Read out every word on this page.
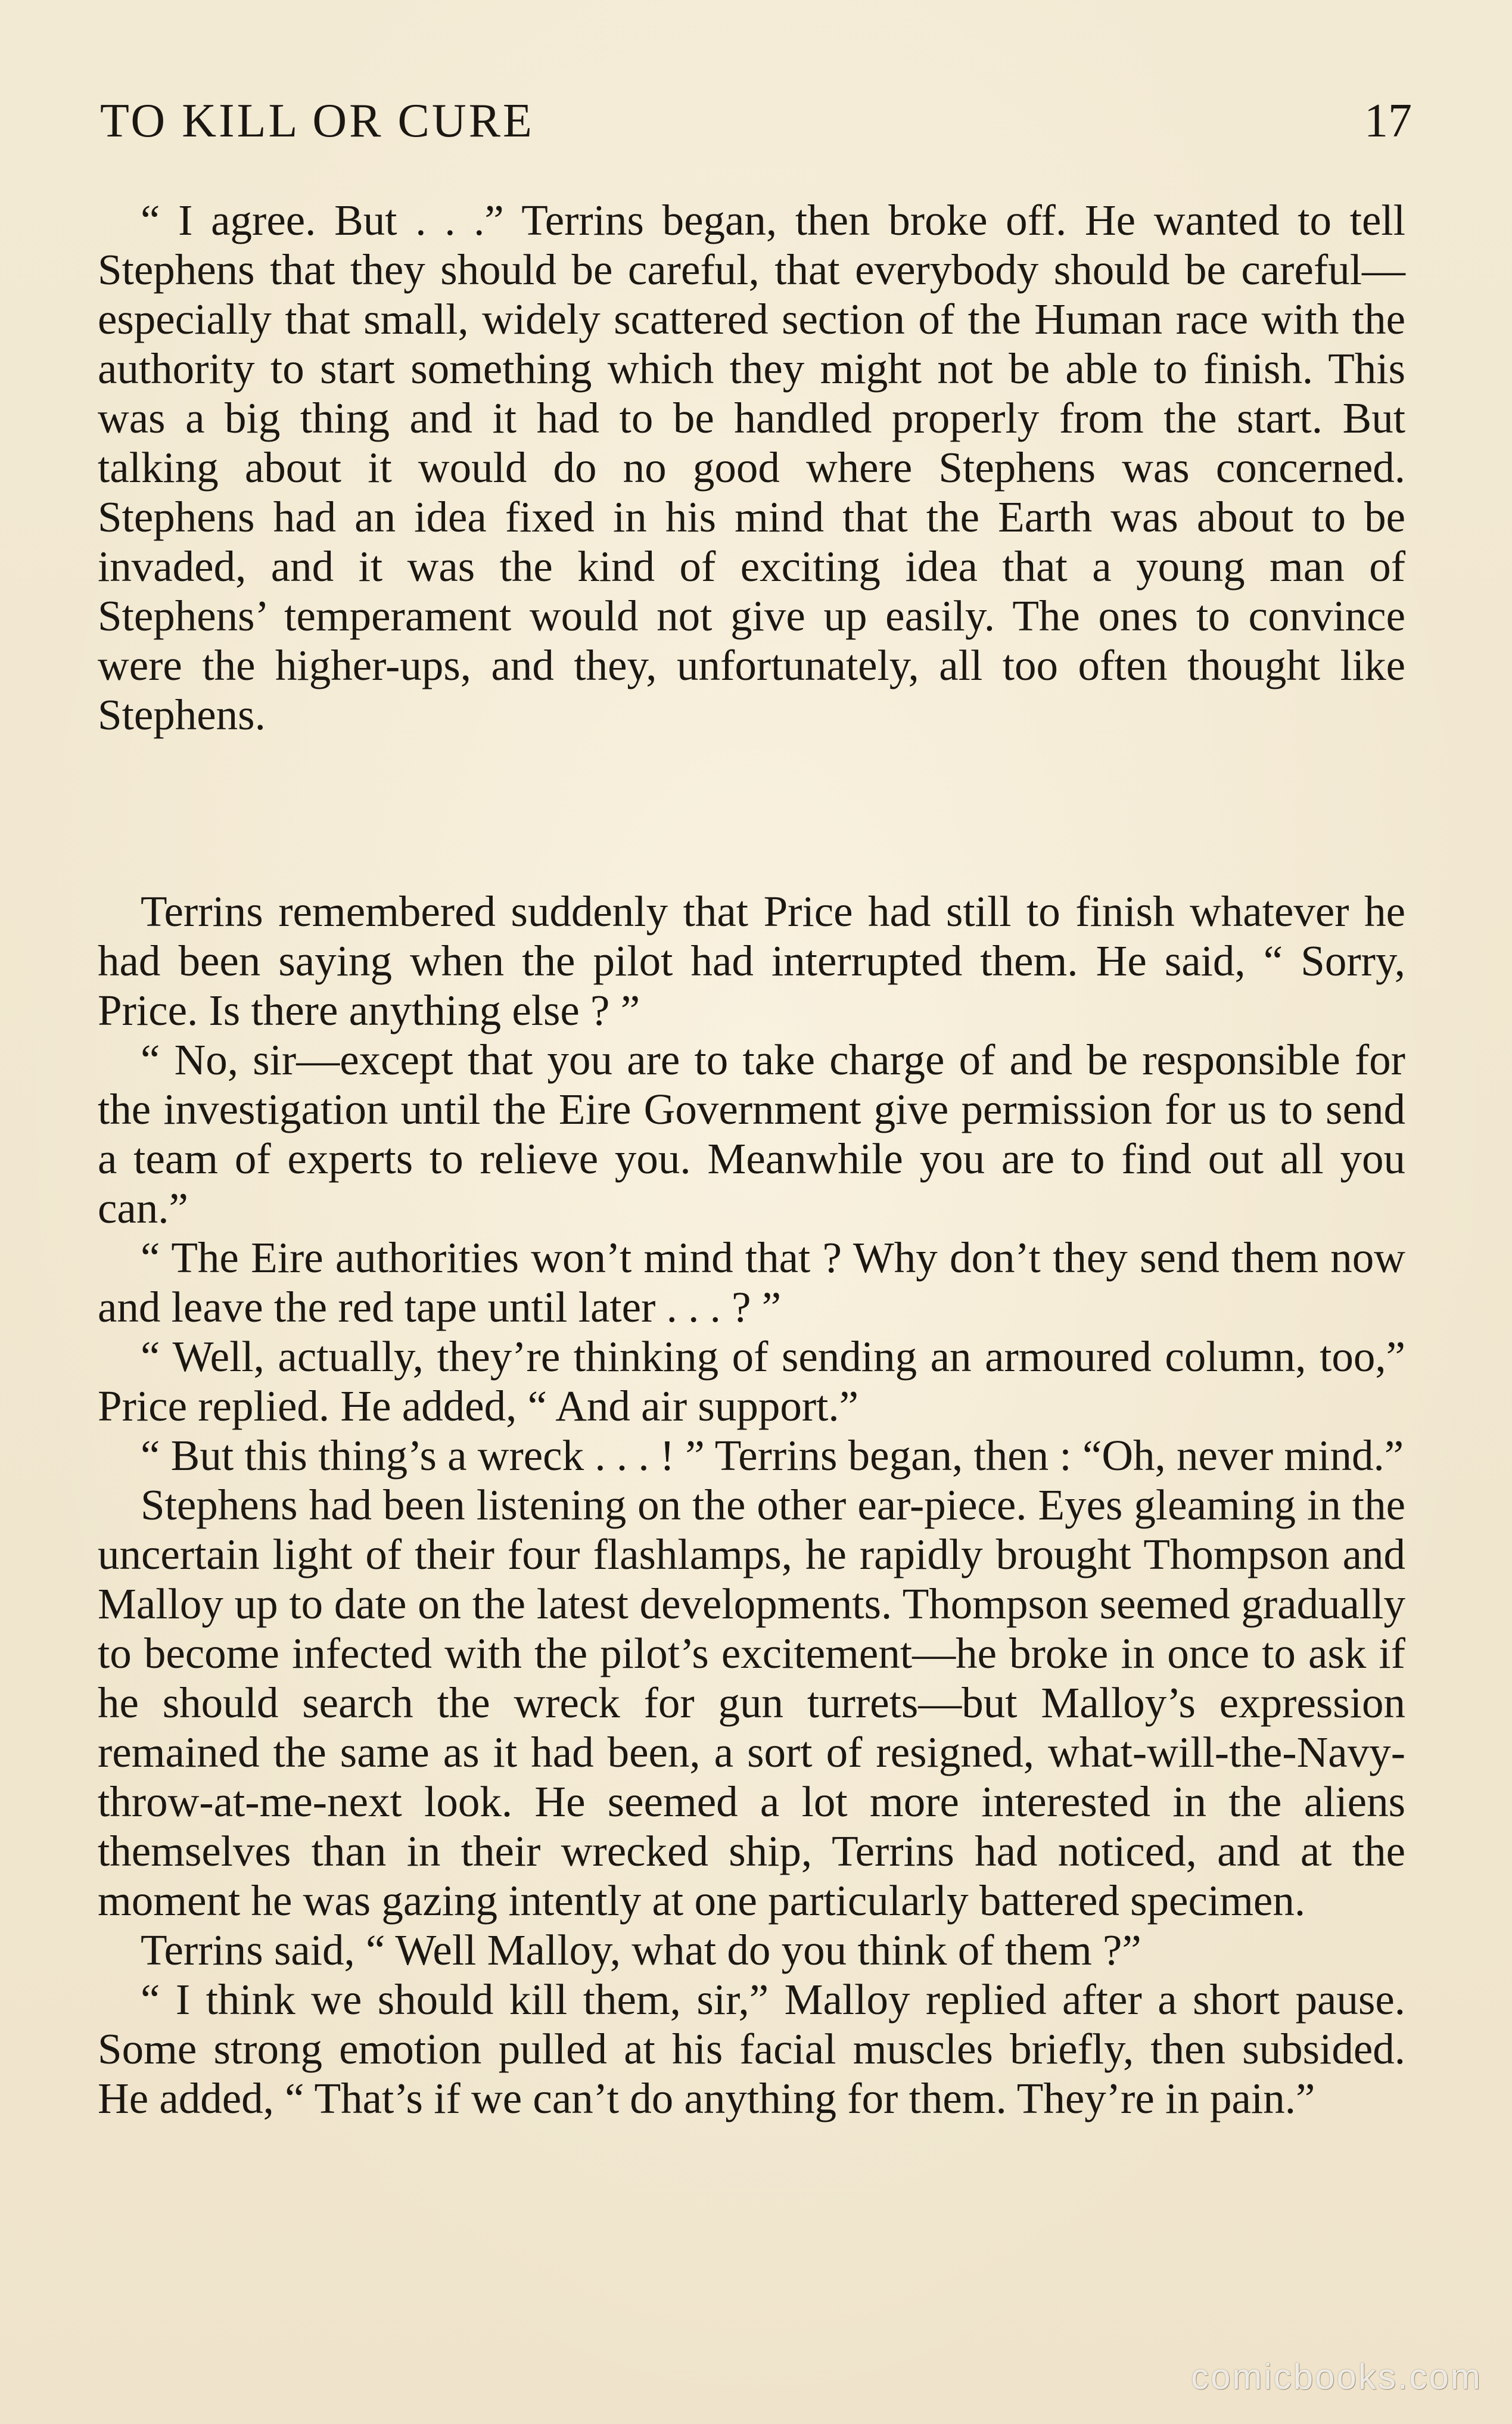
TO KILL OR CURE	17

“ I agree. But . . .” Terrins began, then broke off. He wanted to tell Stephens that they should be careful, that everybody should be careful—especially that small, widely scattered section of the Human race with the authority to start something which they might not be able to finish. This was a big thing and it had to be handled properly from the start. But talking about it would do no good where Stephens was concerned. Stephens had an idea fixed in his mind that the Earth was about to be invaded, and it was the kind of exciting idea that a young man of Stephens’ temperament would not give up easily. The ones to convince were the higher-ups, and they, unfortunately, all too often thought like Stephens.

Terrins remembered suddenly that Price had still to finish whatever he had been saying when the pilot had interrupted them. He said, “ Sorry, Price. Is there anything else ? ”

“ No, sir—except that you are to take charge of and be responsible for the investigation until the Eire Government give permission for us to send a team of experts to relieve you. Meanwhile you are to find out all you can.”

“ The Eire authorities won’t mind that ? Why don’t they send them now and leave the red tape until later . . . ? ”

“ Well, actually, they’re thinking of sending an armoured column, too,” Price replied. He added, “ And air support.”

“ But this thing’s a wreck . . . ! ” Terrins began, then : “Oh, never mind.”

Stephens had been listening on the other ear-piece. Eyes gleaming in the uncertain light of their four flashlamps, he rapidly brought Thompson and Malloy up to date on the latest developments. Thompson seemed gradually to become infected with the pilot’s excitement—he broke in once to ask if he should search the wreck for gun turrets—but Malloy’s expression remained the same as it had been, a sort of resigned, what-will-the-Navy-throw-at-me-next look. He seemed a lot more interested in the aliens themselves than in their wrecked ship, Terrins had noticed, and at the moment he was gazing intently at one particularly battered specimen.

Terrins said, “ Well Malloy, what do you think of them ?”

“ I think we should kill them, sir,” Malloy replied after a short pause. Some strong emotion pulled at his facial muscles briefly, then subsided. He added, “ That’s if we can’t do anything for them. They’re in pain.”

comicbooks.com
